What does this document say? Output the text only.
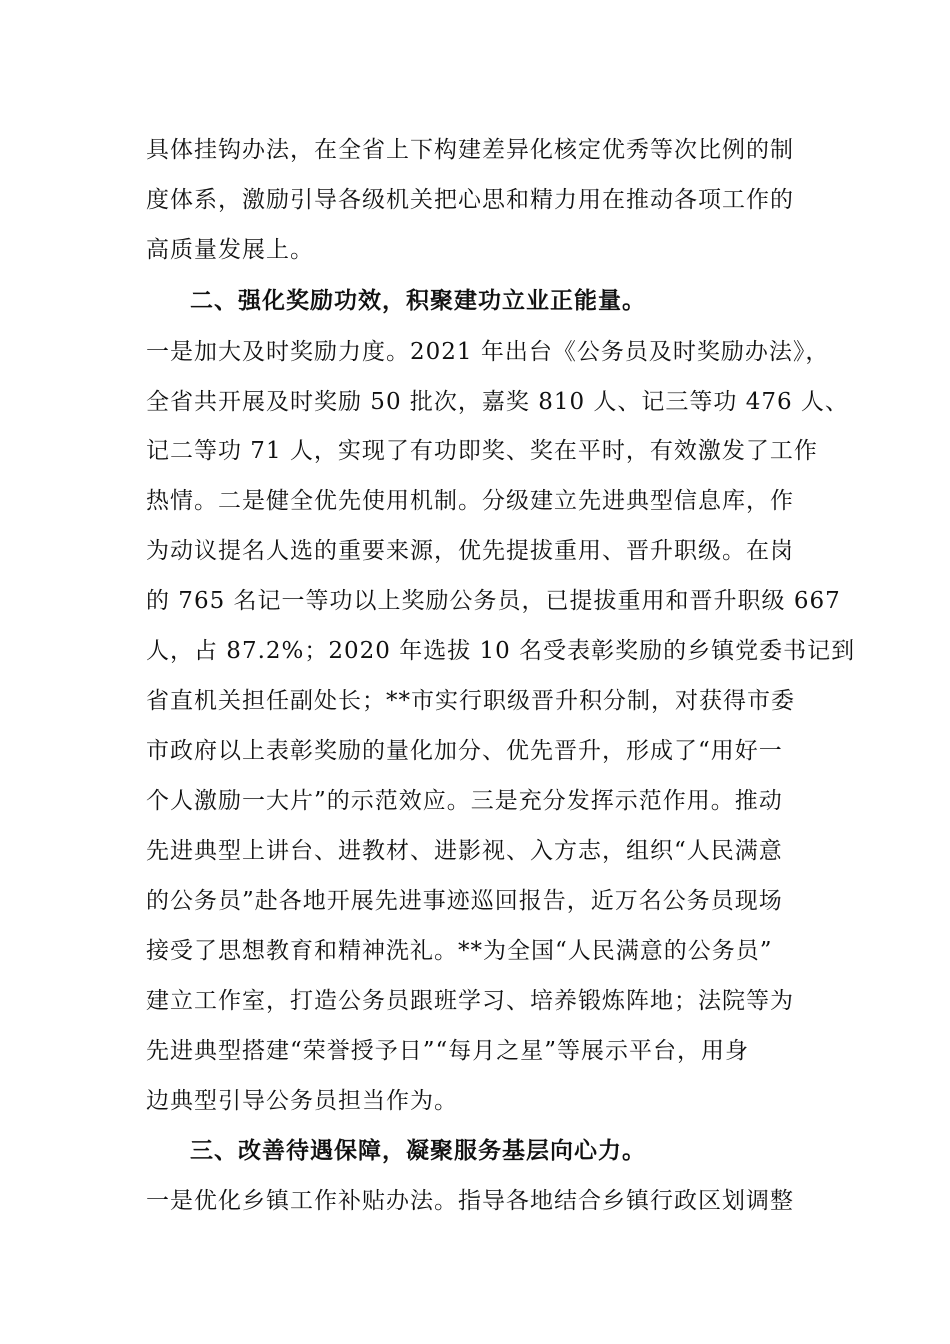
具体挂钩办法，在全省上下构建差异化核定优秀等次比例的制
度体系，激励引导各级机关把心思和精力用在推动各项工作的
高质量发展上。
二、强化奖励功效，积聚建功立业正能量。
一是加大及时奖励力度。2021 年出台《公务员及时奖励办法》，
全省共开展及时奖励 50 批次，嘉奖 810 人、记三等功 476 人、
记二等功 71 人，实现了有功即奖、奖在平时，有效激发了工作
热情。二是健全优先使用机制。分级建立先进典型信息库，作
为动议提名人选的重要来源，优先提拔重用、晋升职级。在岗
的 765 名记一等功以上奖励公务员，已提拔重用和晋升职级 667
人，占 87.2%；2020 年选拔 10 名受表彰奖励的乡镇党委书记到
省直机关担任副处长；**市实行职级晋升积分制，对获得市委
市政府以上表彰奖励的量化加分、优先晋升，形成了“用好一
个人激励一大片”的示范效应。三是充分发挥示范作用。推动
先进典型上讲台、进教材、进影视、入方志，组织“人民满意
的公务员”赴各地开展先进事迹巡回报告，近万名公务员现场
接受了思想教育和精神洗礼。**为全国“人民满意的公务员”
建立工作室，打造公务员跟班学习、培养锻炼阵地；法院等为
先进典型搭建“荣誉授予日”“每月之星”等展示平台，用身
边典型引导公务员担当作为。
三、改善待遇保障，凝聚服务基层向心力。
一是优化乡镇工作补贴办法。指导各地结合乡镇行政区划调整
